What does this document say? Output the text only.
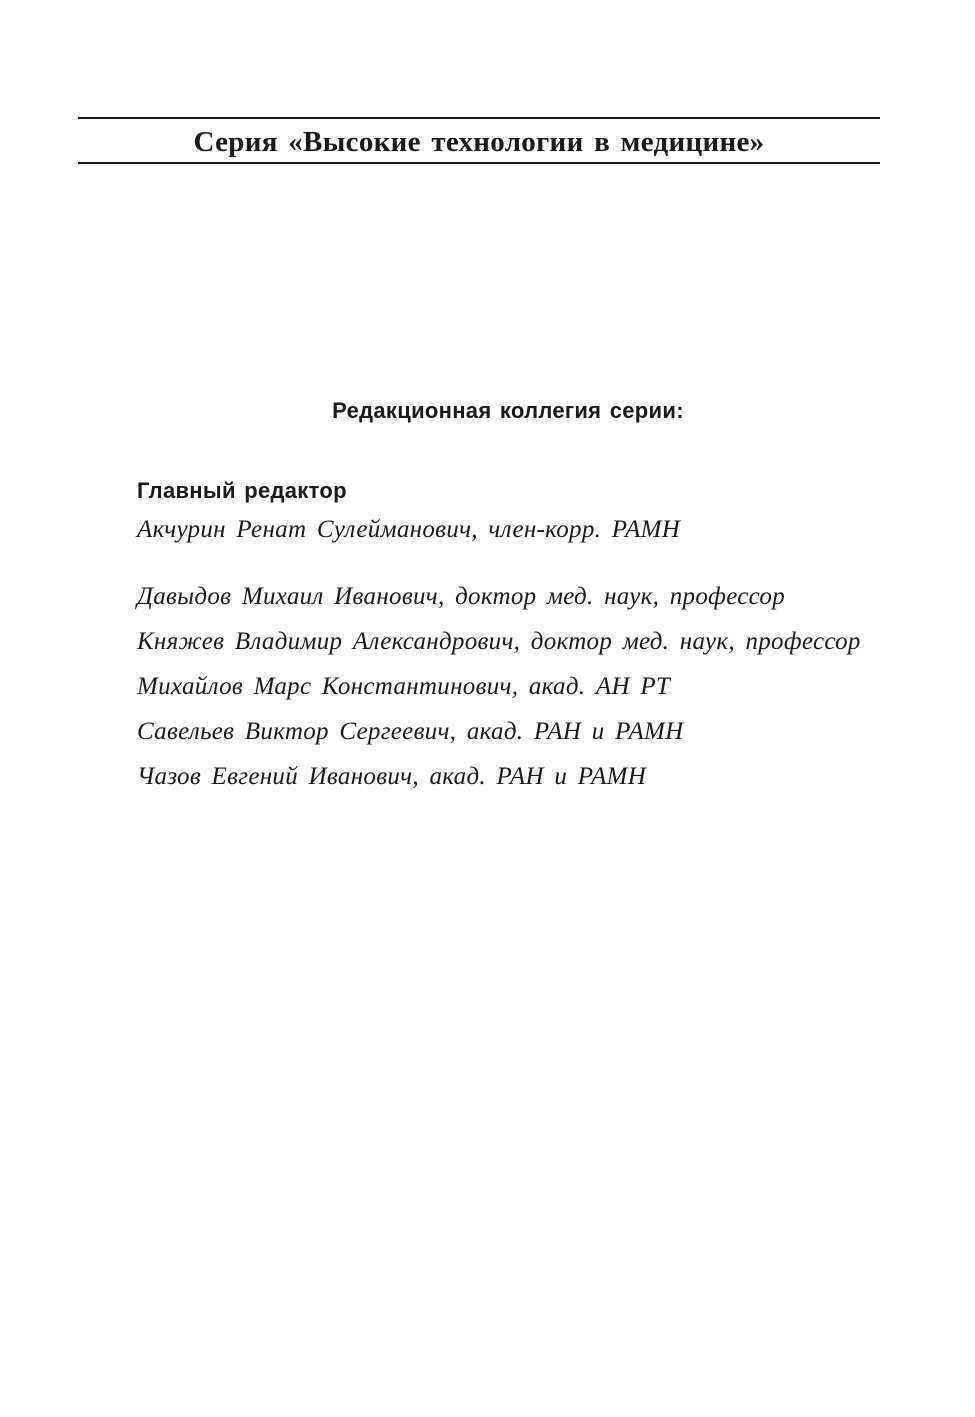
Серия «Высокие технологии в медицине»
Редакционная коллегия серии:
Главный редактор
Акчурин Ренат Сулейманович, член-корр. РАМН
Давыдов Михаил Иванович, доктор мед. наук, профессор
Княжев Владимир Александрович, доктор мед. наук, профессор
Михайлов Марс Константинович, акад. АН РТ
Савельев Виктор Сергеевич, акад. РАН и РАМН
Чазов Евгений Иванович, акад. РАН и РАМН
